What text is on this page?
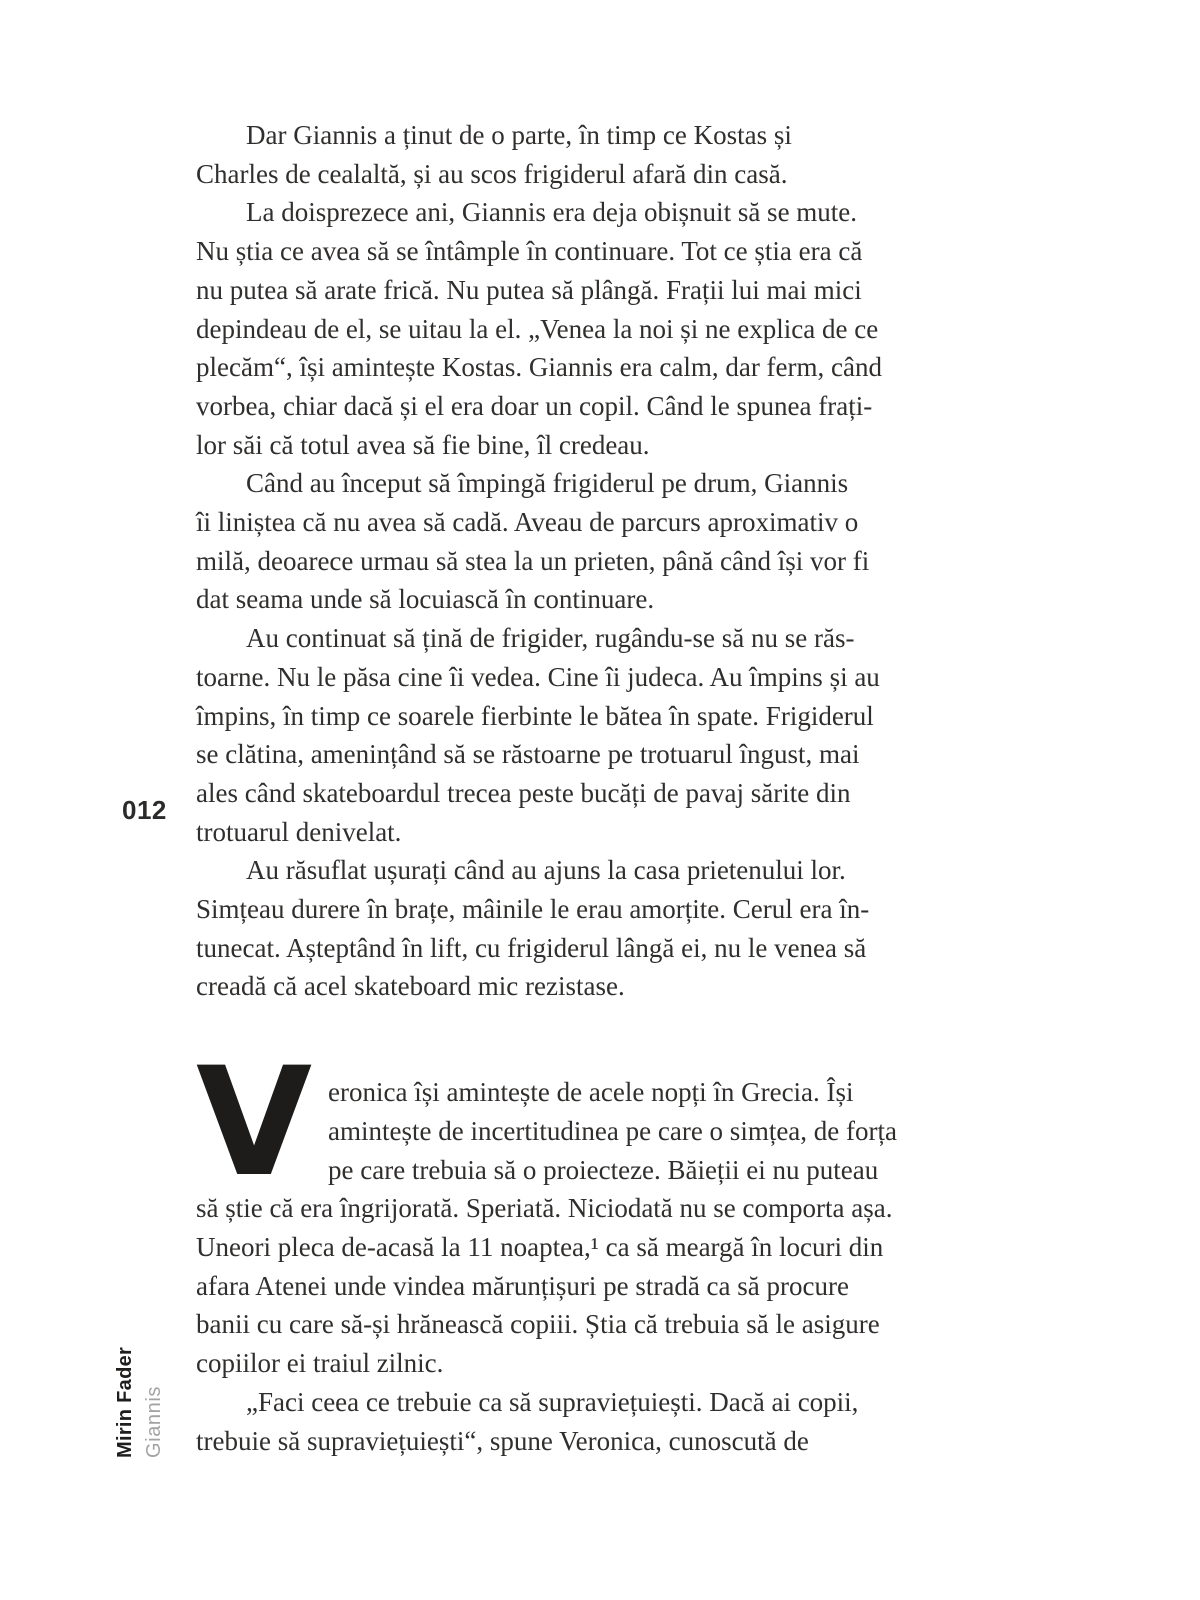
012
Mirin Fader Giannis
Dar Giannis a ținut de o parte, în timp ce Kostas și
Charles de cealaltă, și au scos frigiderul afară din casă.
La doisprezece ani, Giannis era deja obișnuit să se mute.
Nu știa ce avea să se întâmple în continuare. Tot ce știa era că
nu putea să arate frică. Nu putea să plângă. Frații lui mai mici
depindeau de el, se uitau la el. „Venea la noi și ne explica de ce
plecăm“, își amintește Kostas. Giannis era calm, dar ferm, când
vorbea, chiar dacă și el era doar un copil. Când le spunea frați-
lor săi că totul avea să fie bine, îl credeau.
Când au început să împingă frigiderul pe drum, Giannis
îi liniștea că nu avea să cadă. Aveau de parcurs aproximativ o
milă, deoarece urmau să stea la un prieten, până când își vor fi
dat seama unde să locuiască în continuare.
Au continuat să țină de frigider, rugându-se să nu se răs-
toarne. Nu le păsa cine îi vedea. Cine îi judeca. Au împins și au
împins, în timp ce soarele fierbinte le bătea în spate. Frigiderul
se clătina, amenințând să se răstoarne pe trotuarul îngust, mai
ales când skateboardul trecea peste bucăți de pavaj sărite din
trotuarul denivelat.
Au răsuflat ușurați când au ajuns la casa prietenului lor.
Simțeau durere în brațe, mâinile le erau amorțite. Cerul era în-
tunecat. Așteptând în lift, cu frigiderul lângă ei, nu le venea să
creadă că acel skateboard mic rezistase.
V eronica își amintește de acele nopți în Grecia. Își
amintește de incertitudinea pe care o simțea, de forța
pe care trebuia să o proiecteze. Băieții ei nu puteau
să știe că era îngrijorată. Speriată. Niciodată nu se comporta așa.
Uneori pleca de-acasă la 11 noaptea,¹ ca să meargă în locuri din
afara Atenei unde vindea mărunțișuri pe stradă ca să procure
banii cu care să-și hrănească copiii. Știa că trebuia să le asigure
copiilor ei traiul zilnic.
„Faci ceea ce trebuie ca să supraviețuiești. Dacă ai copii,
trebuie să supraviețuiești“, spune Veronica, cunoscută de
